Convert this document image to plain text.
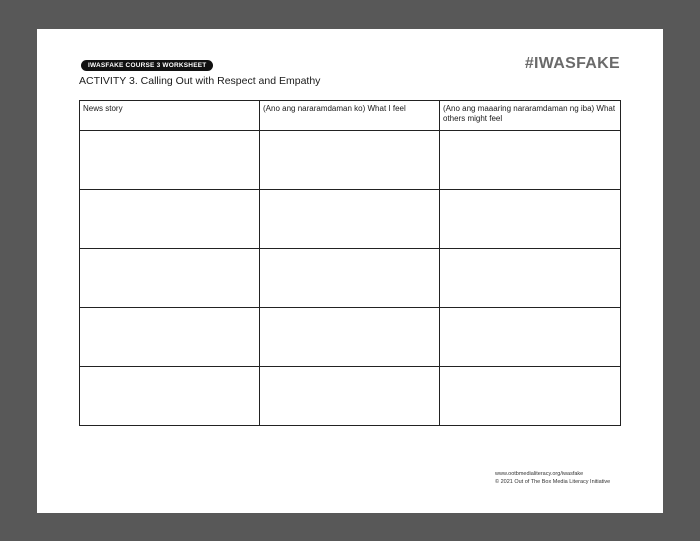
IWASFAKE COURSE 3 WORKSHEET
ACTIVITY 3. Calling Out with Respect and Empathy
#IWASFAKE
News story	(Ano ang nararamdaman ko) What I feel	(Ano ang maaaring nararamdaman ng iba) What others might feel

www.ootbmedialiteracy.org/iwasfake
© 2021 Out of The Box Media Literacy Initiative
